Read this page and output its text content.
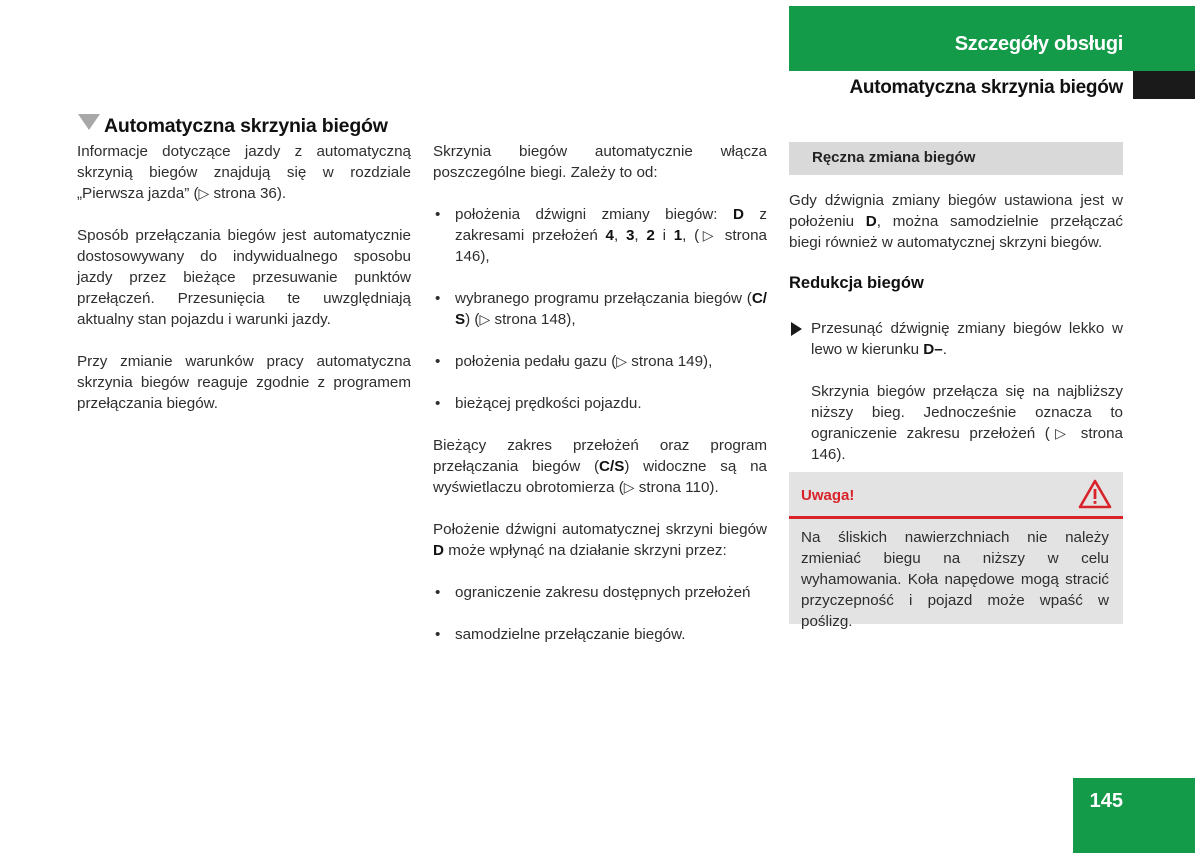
Szczegóły obsługi
Automatyczna skrzynia biegów
Automatyczna skrzynia biegów

Informacje dotyczące jazdy z automatyczną skrzynią biegów znajdują się w rozdziale „Pierwsza jazda” (▷ strona 36).

Sposób przełączania biegów jest automatycznie dostosowywany do indywidualnego sposobu jazdy przez bieżące przesuwanie punktów przełączeń. Przesunięcia te uwzględniają aktualny stan pojazdu i warunki jazdy.

Przy zmianie warunków pracy automatyczna skrzynia biegów reaguje zgodnie z programem przełączania biegów.

Skrzynia biegów automatycznie włącza poszczególne biegi. Zależy to od:

• położenia dźwigni zmiany biegów: D z zakresami przełożeń 4, 3, 2 i 1, (▷ strona 146),
• wybranego programu przełączania biegów (C/ S) (▷ strona 148),
• położenia pedału gazu (▷ strona 149),
• bieżącej prędkości pojazdu.

Bieżący zakres przełożeń oraz program przełączania biegów (C/S) widoczne są na wyświetlaczu obrotomierza (▷ strona 110).

Położenie dźwigni automatycznej skrzyni biegów D może wpłynąć na działanie skrzyni przez:

• ograniczenie zakresu dostępnych przełożeń
• samodzielne przełączanie biegów.
Ręczna zmiana biegów

Gdy dźwignia zmiany biegów ustawiona jest w położeniu D, można samodzielnie przełączać biegi również w automatycznej skrzyni biegów.

Redukcja biegów
Przesunąć dźwignię zmiany biegów lekko w lewo w kierunku D–.
Skrzynia biegów przełącza się na najbliższy niższy bieg. Jednocześnie oznacza to ograniczenie zakresu przełożeń (▷ strona 146).
Uwaga!
Na śliskich nawierzchniach nie należy zmieniać biegu na niższy w celu wyhamowania. Koła napędowe mogą stracić przyczepność i pojazd może wpaść w poślizg.
145
